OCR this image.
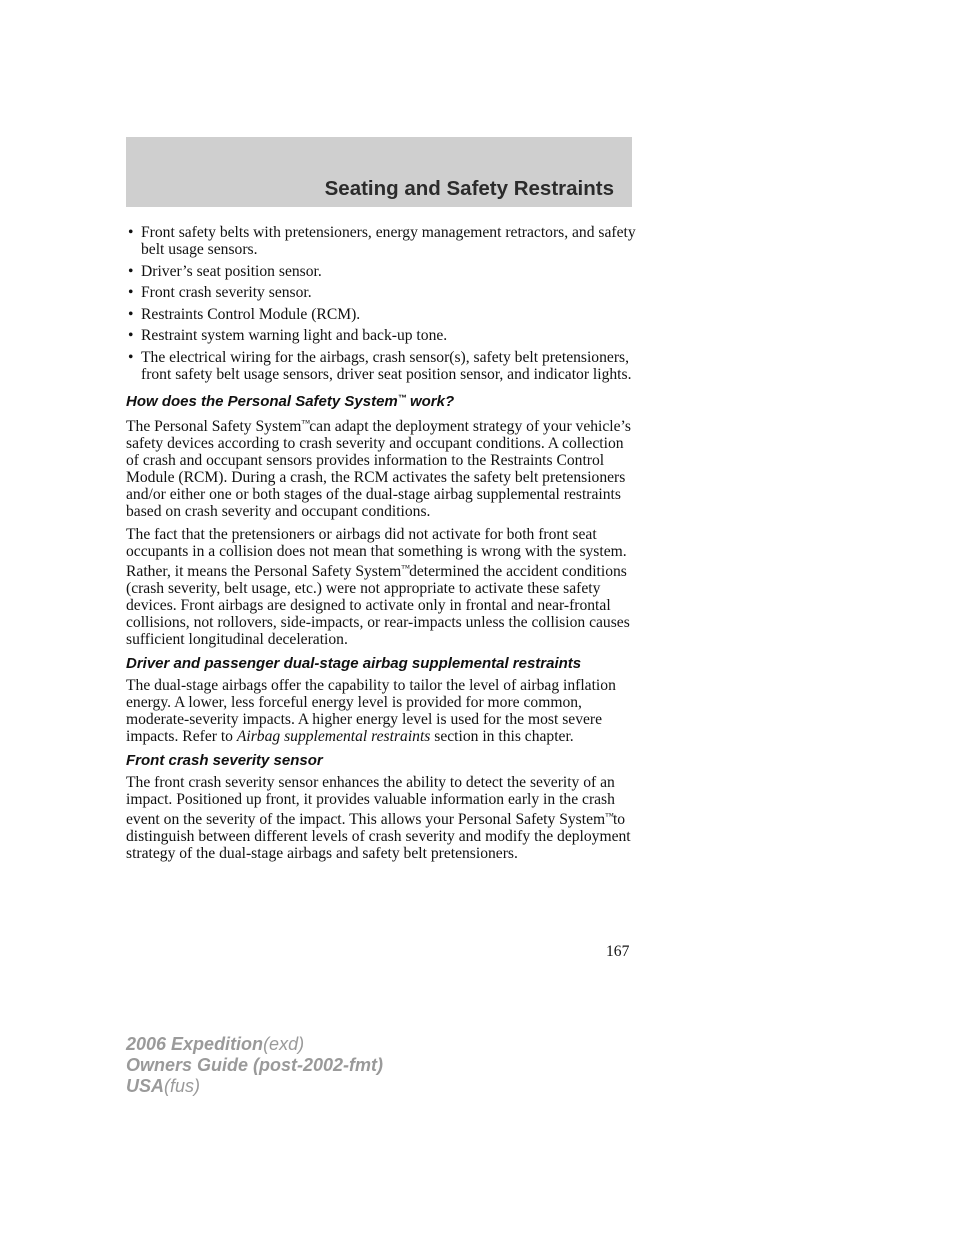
Seating and Safety Restraints
• Front safety belts with pretensioners, energy management retractors, and safety belt usage sensors.
• Driver’s seat position sensor.
• Front crash severity sensor.
• Restraints Control Module (RCM).
• Restraint system warning light and back-up tone.
• The electrical wiring for the airbags, crash sensor(s), safety belt pretensioners, front safety belt usage sensors, driver seat position sensor, and indicator lights.
How does the Personal Safety System™ work?

The Personal Safety System™can adapt the deployment strategy of your vehicle’s safety devices according to crash severity and occupant conditions. A collection of crash and occupant sensors provides information to the Restraints Control Module (RCM). During a crash, the RCM activates the safety belt pretensioners and/or either one or both stages of the dual-stage airbag supplemental restraints based on crash severity and occupant conditions.

The fact that the pretensioners or airbags did not activate for both front seat occupants in a collision does not mean that something is wrong with the system. Rather, it means the Personal Safety System™determined the accident conditions (crash severity, belt usage, etc.) were not appropriate to activate these safety devices. Front airbags are designed to activate only in frontal and near-frontal collisions, not rollovers, side-impacts, or rear-impacts unless the collision causes sufficient longitudinal deceleration.

Driver and passenger dual-stage airbag supplemental restraints

The dual-stage airbags offer the capability to tailor the level of airbag inflation energy. A lower, less forceful energy level is provided for more common, moderate-severity impacts. A higher energy level is used for the most severe impacts. Refer to Airbag supplemental restraints section in this chapter.

Front crash severity sensor

The front crash severity sensor enhances the ability to detect the severity of an impact. Positioned up front, it provides valuable information early in the crash event on the severity of the impact. This allows your Personal Safety System™to distinguish between different levels of crash severity and modify the deployment strategy of the dual-stage airbags and safety belt pretensioners.

167
2006 Expedition(exd)
Owners Guide (post-2002-fmt)
USA(fus)
